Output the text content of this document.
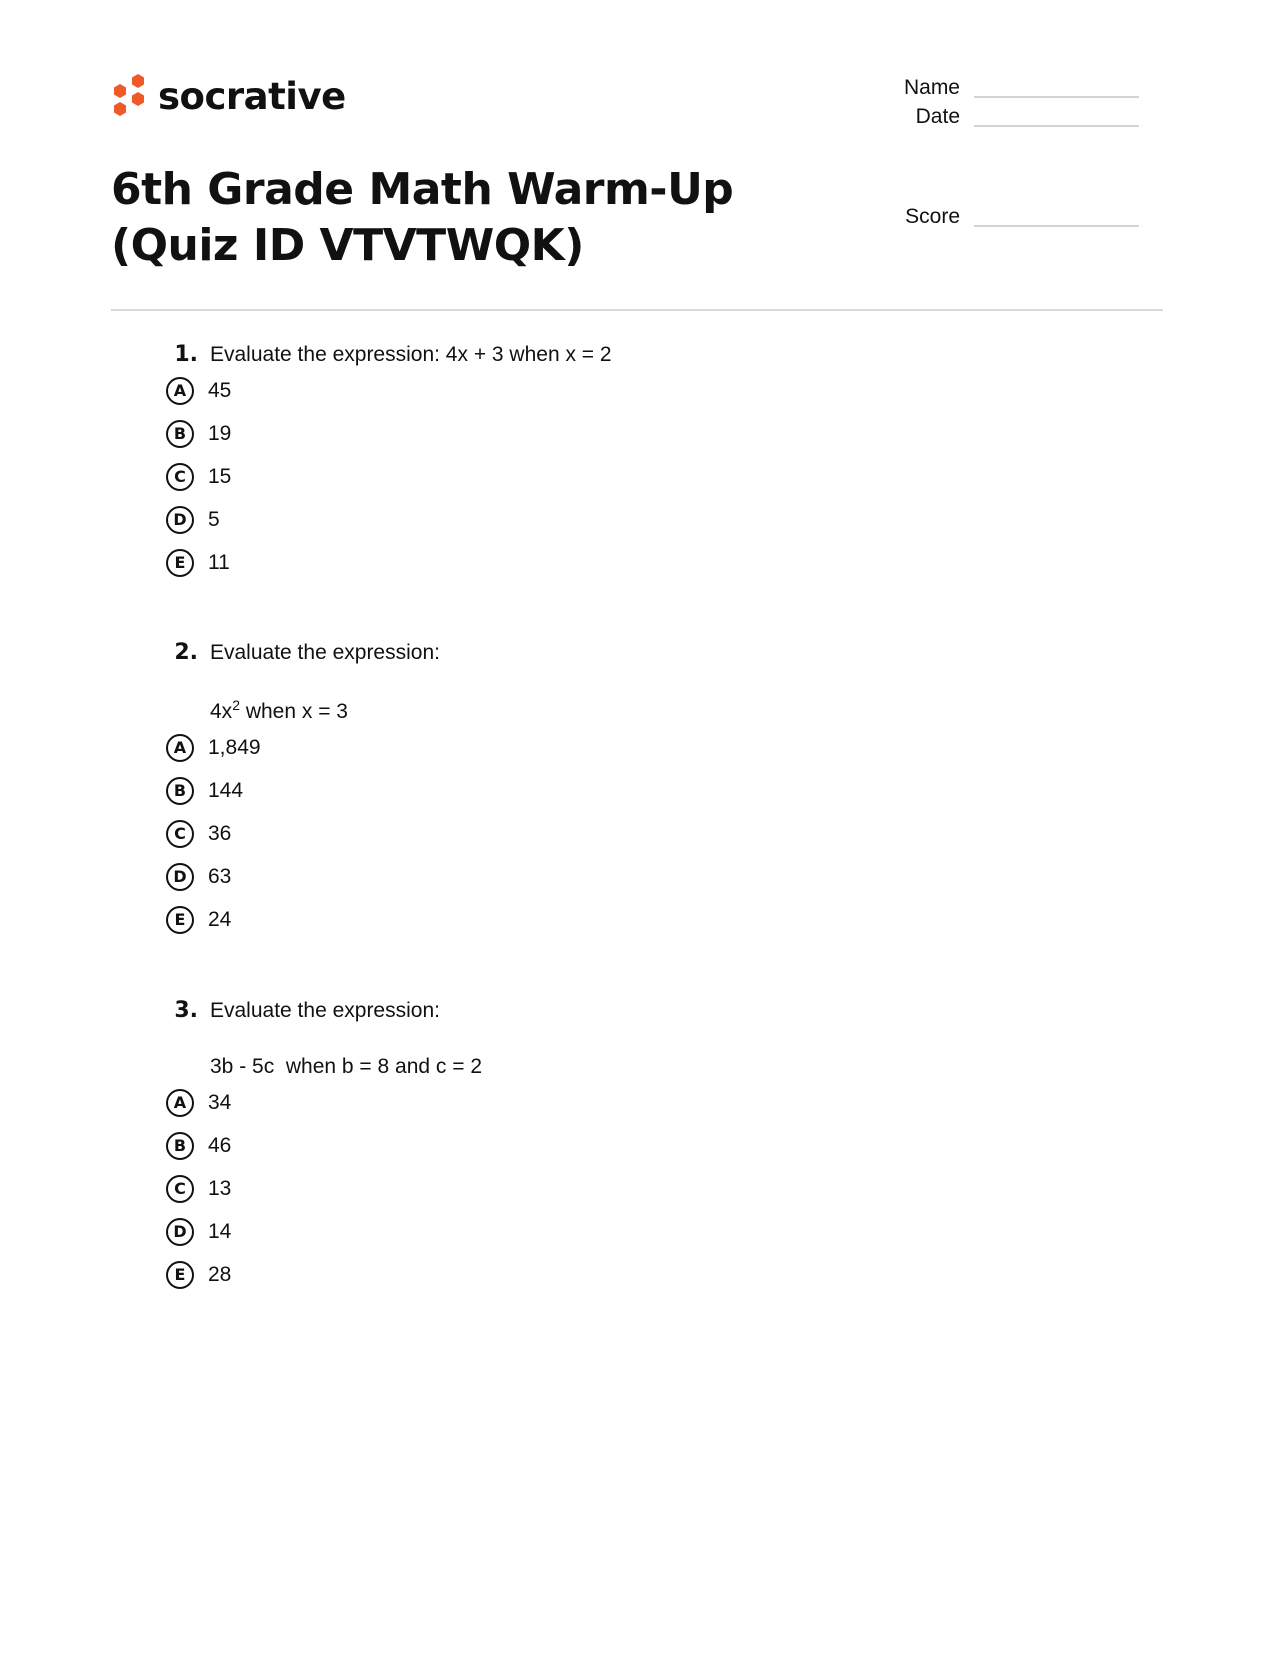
socrative
6th Grade Math Warm-Up (Quiz ID VTVTWQK)
Name
Date
Score
1. Evaluate the expression: 4x + 3 when x = 2
A	45
B	19
C	15
D	5
E	11
2. Evaluate the expression:
$4x^2$ when x = 3
A	1,849
B	144
C	36
D	63
E	24
3. Evaluate the expression:
3b - 5c  when b = 8 and c = 2
A	34
B	46
C	13
D	14
E	28
